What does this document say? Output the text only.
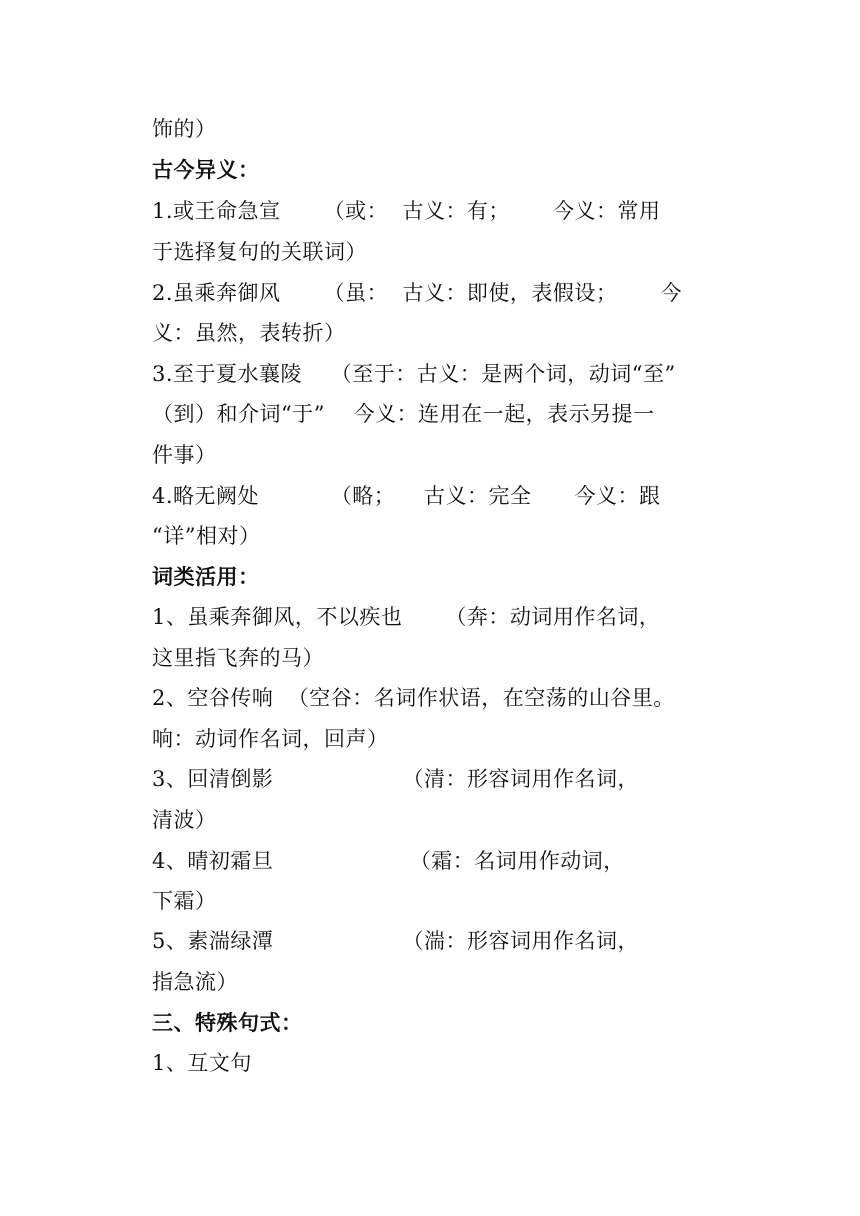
饰的）
古今异义：
1.或王命急宣      （或：  古义：有；      今义：常用
于选择复句的关联词）
2.虽乘奔御风      （虽：  古义：即使，表假设；      今
义：虽然，表转折）
3.至于夏水襄陵    （至于：古义：是两个词，动词“至”
（到）和介词“于”    今义：连用在一起，表示另提一
件事）
4.略无阙处          （略；    古义：完全      今义：跟
“详”相对）
词类活用：
1、虽乘奔御风，不以疾也      （奔：动词用作名词，
这里指飞奔的马）
2、空谷传响  （空谷：名词作状语，在空荡的山谷里。
响：动词作名词，回声）
3、回清倒影                  （清：形容词用作名词，
清波）
4、晴初霜旦                   （霜：名词用作动词，
下霜）
5、素湍绿潭                  （湍：形容词用作名词，
指急流）
三、特殊句式：
1、互文句
